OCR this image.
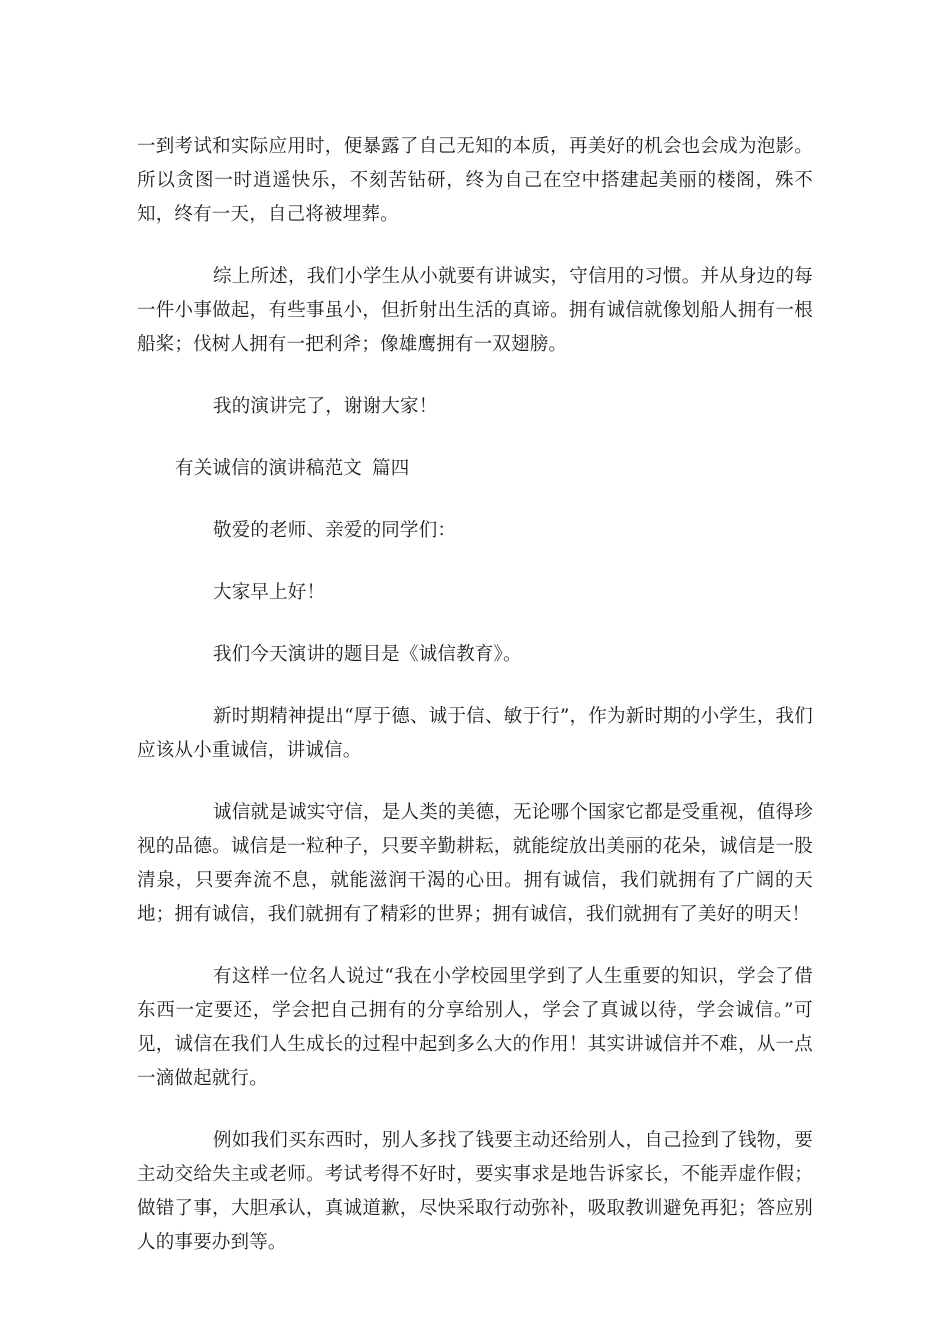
一到考试和实际应用时，便暴露了自己无知的本质，再美好的机会也会成为泡影。所以贪图一时逍遥快乐，不刻苦钻研，终为自己在空中搭建起美丽的楼阁，殊不知，终有一天，自己将被埋葬。

综上所述，我们小学生从小就要有讲诚实，守信用的习惯。并从身边的每一件小事做起，有些事虽小，但折射出生活的真谛。拥有诚信就像划船人拥有一根船桨；伐树人拥有一把利斧；像雄鹰拥有一双翅膀。

我的演讲完了，谢谢大家！

有关诚信的演讲稿范文 篇四

敬爱的老师、亲爱的同学们：

大家早上好！

我们今天演讲的题目是《诚信教育》。

新时期精神提出“厚于德、诚于信、敏于行”，作为新时期的小学生，我们应该从小重诚信，讲诚信。

诚信就是诚实守信，是人类的美德，无论哪个国家它都是受重视，值得珍视的品德。诚信是一粒种子，只要辛勤耕耘，就能绽放出美丽的花朵，诚信是一股清泉，只要奔流不息，就能滋润干渴的心田。拥有诚信，我们就拥有了广阔的天地；拥有诚信，我们就拥有了精彩的世界；拥有诚信，我们就拥有了美好的明天！

有这样一位名人说过“我在小学校园里学到了人生重要的知识，学会了借东西一定要还，学会把自己拥有的分享给别人，学会了真诚以待，学会诚信。”可见，诚信在我们人生成长的过程中起到多么大的作用！其实讲诚信并不难，从一点一滴做起就行。

例如我们买东西时，别人多找了钱要主动还给别人，自己捡到了钱物，要主动交给失主或老师。考试考得不好时，要实事求是地告诉家长，不能弄虚作假；做错了事，大胆承认，真诚道歉，尽快采取行动弥补，吸取教训避免再犯；答应别人的事要办到等。
